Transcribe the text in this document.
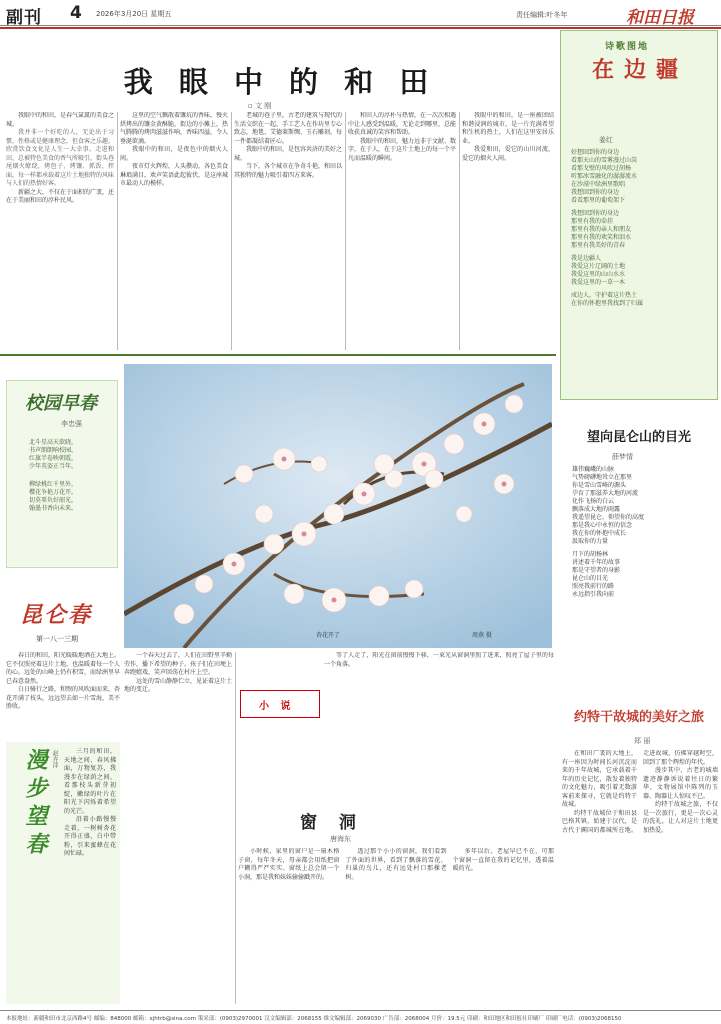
副刊 4 2026年3月20日 星期五	责任编辑:叶冬年	和田日报
我 眼 中 的 和 田
▫ 文 刚

我眼中的和田，是春气氤氲的美食之城。

我并非一个好吃的人，无论出于习惯、性格或是健康理念，但食客之乐趣，欣赏饮食文化是人生一大幸事。走进和田，总被特色美食的香气所吸引，街头巷尾烟火缭绕，烤包子、烤馕、抓饭、拌面，每一样都承载着这片土地独特的风味与人们的热情好客。

新疆之大，不仅在于面积的广袤，还在于美丽和田的淳朴民风。

这里的空气飘散着馕坑的香味，慢火烘烤出的馕金黄酥脆。街边的小摊上，热气腾腾的烤肉滋滋作响，香味四溢，令人垂涎欲滴。

我眼中的和田，是夜色中的烟火人间。

夜市灯火辉煌，人头攒动，各色美食琳琅满目，欢声笑语此起彼伏，是这座城市最动人的模样。

老城的巷子里，古老的建筑与现代的生活交织在一起，手工艺人在作坊里专心致志，地毯、艾德莱斯绸、玉石雕刻，每一件都凝结着匠心。

我眼中的和田，是包容共济的美好之城。

当下，各个城市在争奇斗艳，和田以其独特的魅力吸引着四方来客。

和田人的淳朴与热情，在一次次相遇中让人感受到温暖，无论走到哪里，总能收获真诚的笑容和帮助。

我眼中的和田，魅力远非于文献、数字，在于人，在于这片土地上的每一个平凡而温暖的瞬间。

我眼中的和田，是一座被团结和谐浸润的城市，是一片充满希望和生机的热土，人们在这里安居乐业。

我爱和田，爱它的山川河流，爱它的烟火人间。

诗歌图地
在边疆
姜红
好想回到你的身边
看那天山的雪雾漫过山岗
看那戈壁的风吹过胡杨
听那冰雪融化的潺潺流水
在沙漠中绿洲里歌唱
我想回到你的身边
看看那里的葡萄架下
我想回到你的身边
那里有我的牵挂
那里有我的亲人和朋友
那里有我的欢笑和泪水
那里有我美好的青春
我是边疆人
我爱这片辽阔的土地
我爱这里的山山水水
我爱这里的一草一木
戍边人，守护着这片热土
在你的怀抱里我找到了归属
校园早春
李忠强
北斗星高天欲晓，
书声朗朗响校园。
红旗半卷映朝霞，
少年英姿正当年。
柳绿桃红千里外，
樱花争艳万花开。
切莫辜负好韶光，
翰墨书香向未来。
杏花开了	周燕 摄
望向昆仑山的目光
薛梦情
雄伟巍峨的山脉
气势磅礴地耸立在那里
你是雪山雪峰的源头
孕育了那滋养大地的河流
化作飞扬的白云
飘落成大地的雨露
我遥望昆仑，仰望你的高度
那是我心中永恒的信念
我在你的怀抱中成长
汲取你的力量
月下的胡杨林
讲述着千年的故事
那是守望者的身影
昆仑山的目光
照亮我前行的路
永远指引我向前
昆仑春
第一八一三期

春日的和田，阳光暖暖地洒在大地上。它不仅照亮着这片土地，也温暖着每一个人的心。远处的山峰上仍有积雪，而绿洲里早已春意盎然。

白日骑行之路，和煦的风吹面而来，杏花开满了枝头，远远望去如一片雪海，美不胜收。

漫步望春 赵卉萍	三月的和田，天地之间，春风拂面，万物复苏，我漫步在绿荫之间，看那枝头新芽初绽，嫩绿的叶片在阳光下闪烁着希望的光芒。

沿着小路慢慢走着，一树树杏花开得正盛，白中带粉，引来蜜蜂在花间忙碌。

一个春天过去了，人们在田野里辛勤劳作，播下希望的种子。孩子们在田埂上奔跑嬉戏，笑声回荡在村庄上空。

远处的雪山静静伫立，见证着这片土地的变迁。

小 说
窗 洞
唐海东

等了人走了，阳光在窗前慢慢下移，一束光从窗洞里照了进来，照亮了屋子里的每一个角落。

小时候，家里的窗户是一扇木格子窗，每年冬天，母亲都会用纸把窗户糊得严严实实。窗纸上总会留一个小洞，那是我和妹妹偷偷戳开的。

透过那个小小的窗洞，我们看到了外面的世界，看到了飘落的雪花、归巢的鸟儿，还有远处村口那棵老树。

多年以后，老屋早已不在，可那个窗洞一直留在我的记忆里，透着温暖的光。

约特干故城的美好之旅
郑 丽

在和田广袤的大地上，有一座因为时间长河沉淀而来的千年故城，它承载着千年的历史记忆，散发着独特的文化魅力，吸引着无数游客前来探寻，它就是约特干故城。

约特干故城位于和田县巴格其镇，始建于汉代，是古代于阗国的都城所在地。走进故城，仿佛穿越时空，回到了那个辉煌的年代。

漫步其中，古老的城墙遗迹静静诉说着往日的繁华，文物展馆中陈列的玉器、陶器让人惊叹不已。

约特干故城之旅，不仅是一次旅行，更是一次心灵的洗礼，让人对这片土地更加热爱。

本报地址：新疆和田市北京西路4号 邮编：848000 邮箱：xjhtrb@sina.com 策采部：(0903)2970001 汉文编辑部：2068155 维文编辑部：2069030 广告部：2068004 月价：19.5元 印刷：和田地区和田报社印刷厂 印刷厂电话：(0903)2068150
